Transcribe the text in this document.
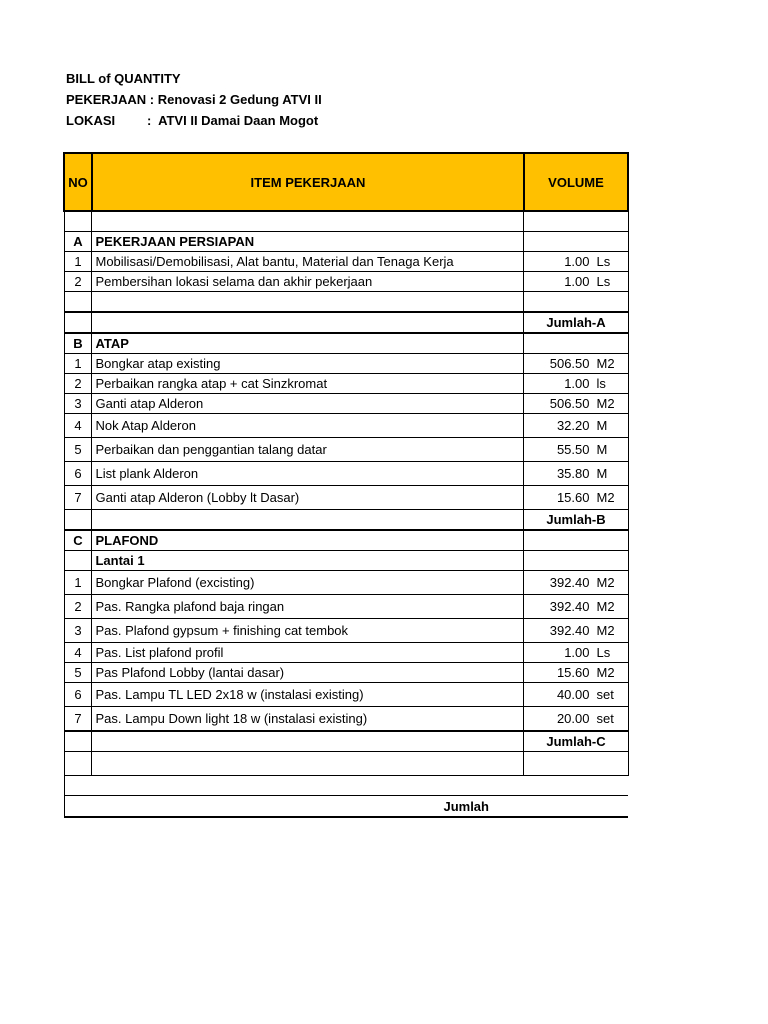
BILL of QUANTITY
PEKERJAAN : Renovasi 2 Gedung ATVI II
LOKASI :  ATVI II Damai Daan Mogot
NO	ITEM PEKERJAAN	VOLUME

A	PEKERJAAN PERSIAPAN	
1	Mobilisasi/Demobilisasi, Alat bantu, Material dan Tenaga Kerja	1.00 Ls

2	Pembersihan lokasi selama dan akhir pekerjaan	1.00 Ls

		Jumlah-A
B	ATAP	
1	Bongkar atap existing	506.50 M2

2	Perbaikan rangka atap + cat Sinzkromat	1.00 ls

3	Ganti atap Alderon	506.50 M2

4	Nok Atap Alderon	32.20 M

5	Perbaikan dan penggantian talang datar	55.50 M

6	List plank Alderon	35.80 M

7	Ganti atap Alderon (Lobby lt Dasar)	15.60 M2

		Jumlah-B
C	PLAFOND	
	Lantai 1	
1	Bongkar Plafond (excisting)	392.40 M2

2	Pas. Rangka plafond baja ringan	392.40 M2

3	Pas. Plafond gypsum + finishing cat tembok	392.40 M2

4	Pas. List plafond profil	1.00 Ls

5	Pas Plafond Lobby (lantai dasar)	15.60 M2

6	Pas. Lampu TL LED 2x18 w (instalasi existing)	40.00 set

7	Pas. Lampu Down light 18 w (instalasi existing)	20.00 set

		Jumlah-C

Jumlah		
